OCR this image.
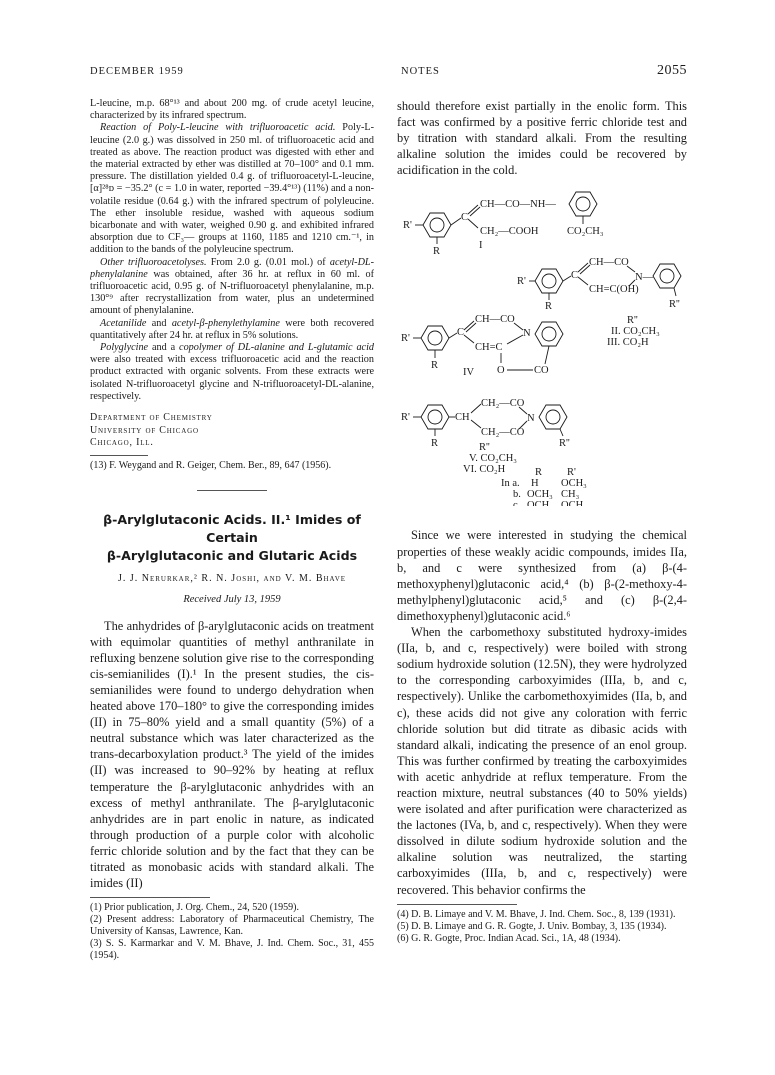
DECEMBER 1959	NOTES	2055

L-leucine, m.p. 68°¹³ and about 200 mg. of crude acetyl leucine, characterized by its infrared spectrum.

Reaction of Poly-L-leucine with trifluoroacetic acid. Poly-L-leucine (2.0 g.) was dissolved in 250 ml. of trifluoroacetic acid and treated as above. The reaction product was digested with ether and the material extracted by ether was distilled at 70–100° and 0.1 mm. pressure. The distillation yielded 0.4 g. of trifluoroacetyl-L-leucine, [α]²⁸ᴅ = −35.2° (c = 1.0 in water, reported −39.4°¹³) (11%) and a non-volatile residue (0.64 g.) with the infrared spectrum of polyleucine. The ether insoluble residue, washed with aqueous sodium bicarbonate and with water, weighed 0.90 g. and exhibited infrared absorption due to CF₃— groups at 1160, 1185 and 1210 cm.⁻¹, in addition to the bands of the polyleucine spectrum.

Other trifluoroacetolyses. From 2.0 g. (0.01 mol.) of acetyl-DL-phenylalanine was obtained, after 36 hr. at reflux in 60 ml. of trifluoroacetic acid, 0.95 g. of N-trifluoroacetyl phenylalanine, m.p. 130°⁹ after recrystallization from water, plus an undetermined amount of phenylalanine.

Acetanilide and acetyl-β-phenylethylamine were both recovered quantitatively after 24 hr. at reflux in 5% solutions.

Polyglycine and a copolymer of DL-alanine and L-glutamic acid were also treated with excess trifluoroacetic acid and the reaction product extracted with organic solvents. From these extracts were isolated N-trifluoroacetyl glycine and N-trifluoroacetyl-DL-alanine, respectively.

Department of Chemistry
University of Chicago
Chicago, Ill.

(13) F. Weygand and R. Geiger, Chem. Ber., 89, 647 (1956).

β-Arylglutaconic Acids. II.¹ Imides of Certain

β-Arylglutaconic and Glutaric Acids

J. J. Nerurkar,² R. N. Joshi, and V. M. Bhave
Received July 13, 1959

The anhydrides of β-arylglutaconic acids on treatment with equimolar quantities of methyl anthranilate in refluxing benzene solution give rise to the corresponding cis-semianilides (I).¹ In the present studies, the cis-semianilides were found to undergo dehydration when heated above 170–180° to give the corresponding imides (II) in 75–80% yield and a small quantity (5%) of a neutral substance which was later characterized as the trans-decarboxylation product.³ The yield of the imides (II) was increased to 90–92% by heating at reflux temperature the β-arylglutaconic anhydrides with an excess of methyl anthranilate. The β-arylglutaconic anhydrides are in part enolic in nature, as indicated through production of a purple color with alcoholic ferric chloride solution and by the fact that they can be titrated as monobasic acids with standard alkali. The imides (II)

(1) Prior publication, J. Org. Chem., 24, 520 (1959).

(2) Present address: Laboratory of Pharmaceutical Chemistry, The University of Kansas, Lawrence, Kan.

(3) S. S. Karmarkar and V. M. Bhave, J. Ind. Chem. Soc., 31, 455 (1954).

should therefore exist partially in the enolic form. This fact was confirmed by a positive ferric chloride test and by titration with standard alkali. From the resulting alkaline solution the imides could be recovered by acidification in the cold.

R'
R
C
CH—CO—NH—
CH₂—COOH	CO₂CH₃
I
R'
R
C
CH—CO
CH=C(OH)
N—
R''
R''
II. CO₂CH₃
III. CO₂H
R'
R
C
CH—CO
CH=C
N
O	CO
IV
R'
R
CH
CH₂—CO
CH₂—CO
N
R''
R''
V. CO₂CH₃
VI. CO₂H	R R'
In a. H OCH₃
b. OCH₃ CH₃
c. OCH₃ OCH₃

Since we were interested in studying the chemical properties of these weakly acidic compounds, imides IIa, b, and c were synthesized from (a) β-(4-methoxyphenyl)glutaconic acid,⁴ (b) β-(2-methoxy-4-methylphenyl)glutaconic acid,⁵ and (c) β-(2,4-dimethoxyphenyl)glutaconic acid.⁶

When the carbomethoxy substituted hydroxy-imides (IIa, b, and c, respectively) were boiled with strong sodium hydroxide solution (12.5N), they were hydrolyzed to the corresponding carboxyimides (IIIa, b, and c, respectively). Unlike the carbomethoxyimides (IIa, b, and c), these acids did not give any coloration with ferric chloride solution but did titrate as dibasic acids with standard alkali, indicating the presence of an enol group. This was further confirmed by treating the carboxyimides with acetic anhydride at reflux temperature. From the reaction mixture, neutral substances (40 to 50% yields) were isolated and after purification were characterized as the lactones (IVa, b, and c, respectively). When they were dissolved in dilute sodium hydroxide solution and the alkaline solution was neutralized, the starting carboxyimides (IIIa, b, and c, respectively) were recovered. This behavior confirms the

(4) D. B. Limaye and V. M. Bhave, J. Ind. Chem. Soc., 8, 139 (1931).

(5) D. B. Limaye and G. R. Gogte, J. Univ. Bombay, 3, 135 (1934).

(6) G. R. Gogte, Proc. Indian Acad. Sci., 1A, 48 (1934).
